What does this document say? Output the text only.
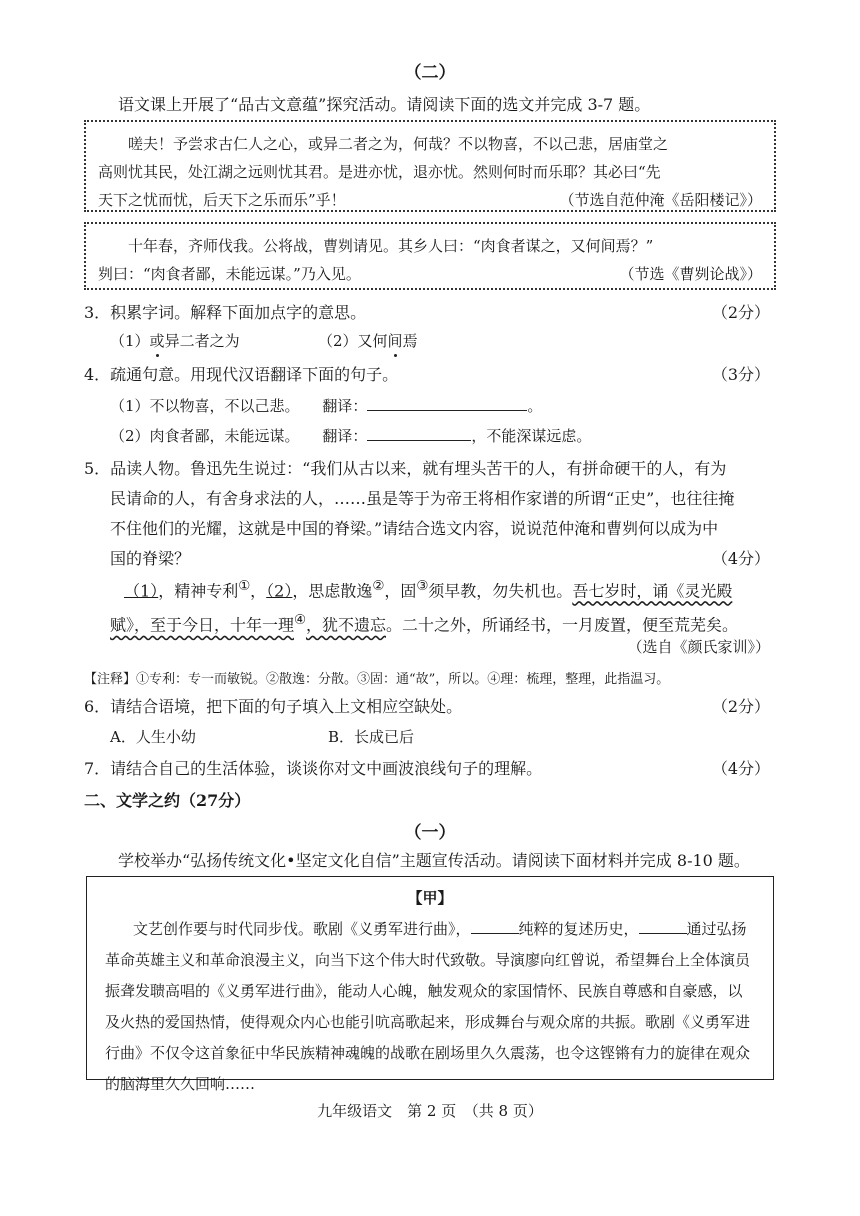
（二）
语文课上开展了“品古文意蕴”探究活动。请阅读下面的选文并完成 3-7 题。

嗟夫！予尝求古仁人之心，或异二者之为，何哉？不以物喜，不以己悲，居庙堂之

高则忧其民，处江湖之远则忧其君。是进亦忧，退亦忧。然则何时而乐耶？其必曰“先

天下之忧而忧，后天下之乐而乐”乎！	（节选自范仲淹《岳阳楼记》）

十年春，齐师伐我。公将战，曹刿请见。其乡人曰：“肉食者谋之，又何间焉？”

刿曰：“肉食者鄙，未能远谋。”乃入见。	（节选《曹刿论战》）

3．积累字词。解释下面加点字的意思。	（2分）
（1）或异二者之为	（2）又何间焉
4．疏通句意。用现代汉语翻译下面的句子。	（3分）
（1）不以物喜，不以己悲。 翻译：	。
（2）肉食者鄙，未能远谋。 翻译：	，不能深谋远虑。
5．品读人物。鲁迅先生说过：“我们从古以来，就有埋头苦干的人，有拼命硬干的人，有为
民请命的人，有舍身求法的人，……虽是等于为帝王将相作家谱的所谓“正史”，也往往掩
不住他们的光耀，这就是中国的脊梁。”请结合选文内容，说说范仲淹和曹刿何以成为中
国的脊梁？	（4分）
（1），精神专利①，（2），思虑散逸②，固③须早教，勿失机也。吾七岁时，诵《灵光殿赋》，至于今日，十年一理④，犹不遗忘。二十之外，所诵经书，一月废置，便至荒芜矣。
（选自《颜氏家训》）
【注释】①专利：专一而敏锐。②散逸：分散。③固：通“故”，所以。④理：梳理，整理，此指温习。
6．请结合语境，把下面的句子填入上文相应空缺处。	（2分）
A．人生小幼	B．长成已后
7．请结合自己的生活体验，谈谈你对文中画波浪线句子的理解。	（4分）
二、文学之约（27分）
（一）
学校举办“弘扬传统文化•坚定文化自信”主题宣传活动。请阅读下面材料并完成 8-10 题。
【甲】

文艺创作要与时代同步伐。歌剧《义勇军进行曲》，	纯粹的复述历史，	通过弘扬革命英雄主义和革命浪漫主义，向当下这个伟大时代致敬。导演廖向红曾说，希望舞台上全体演员振聋发聩高唱的《义勇军进行曲》，能动人心魄，触发观众的家国情怀、民族自尊感和自豪感，以及火热的爱国热情，使得观众内心也能引吭高歌起来，形成舞台与观众席的共振。歌剧《义勇军进行曲》不仅令这首象征中华民族精神魂魄的战歌在剧场里久久震荡，也令这铿锵有力的旋律在观众的脑海里久久回响……

九年级语文　第 2 页　（共 8 页）
